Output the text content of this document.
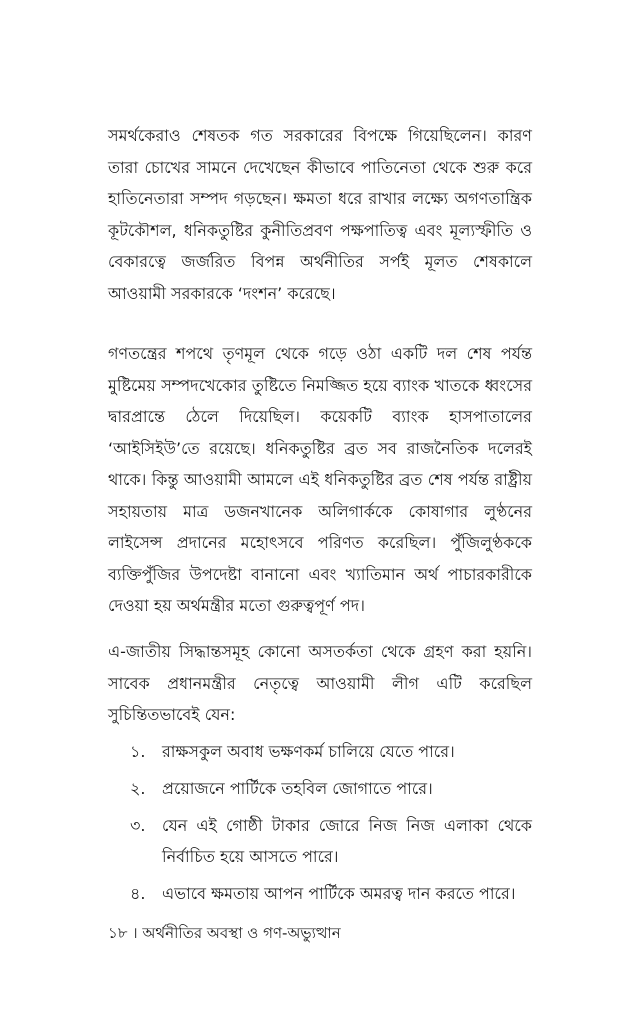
সমর্থকেরাও শেষতক গত সরকারের বিপক্ষে গিয়েছিলেন। কারণ তারা চোখের সামনে দেখেছেন কীভাবে পাতিনেতা থেকে শুরু করে হাতিনেতারা সম্পদ গড়ছেন। ক্ষমতা ধরে রাখার লক্ষ্যে অগণতান্ত্রিক কূটকৌশল, ধনিকতুষ্টির কুনীতিপ্রবণ পক্ষপাতিত্ব এবং মূল্যস্ফীতি ও বেকারত্বে জর্জরিত বিপন্ন অর্থনীতির সর্পই মূলত শেষকালে আওয়ামী সরকারকে ‘দংশন’ করেছে।

গণতন্ত্রের শপথে তৃণমূল থেকে গড়ে ওঠা একটি দল শেষ পর্যন্ত মুষ্টিমেয় সম্পদখেকোর তুষ্টিতে নিমজ্জিত হয়ে ব্যাংক খাতকে ধ্বংসের দ্বারপ্রান্তে ঠেলে দিয়েছিল। কয়েকটি ব্যাংক হাসপাতালের ‘আইসিইউ’তে রয়েছে। ধনিকতুষ্টির ব্রত সব রাজনৈতিক দলেরই থাকে। কিন্তু আওয়ামী আমলে এই ধনিকতুষ্টির ব্রত শেষ পর্যন্ত রাষ্ট্রীয় সহায়তায় মাত্র ডজনখানেক অলিগার্ককে কোষাগার লুণ্ঠনের লাইসেন্স প্রদানের মহোৎসবে পরিণত করেছিল। পুঁজিলুণ্ঠককে ব্যক্তিপুঁজির উপদেষ্টা বানানো এবং খ্যাতিমান অর্থ পাচারকারীকে দেওয়া হয় অর্থমন্ত্রীর মতো গুরুত্বপূর্ণ পদ।

এ-জাতীয় সিদ্ধান্তসমূহ কোনো অসতর্কতা থেকে গ্রহণ করা হয়নি। সাবেক প্রধানমন্ত্রীর নেতৃত্বে আওয়ামী লীগ এটি করেছিল সুচিন্তিতভাবেই যেন:

১.	রাক্ষসকুল অবাধ ভক্ষণকর্ম চালিয়ে যেতে পারে।
২.	প্রয়োজনে পার্টিকে তহবিল জোগাতে পারে।
৩.	যেন এই গোষ্ঠী টাকার জোরে নিজ নিজ এলাকা থেকে নির্বাচিত হয়ে আসতে পারে।
৪.	এভাবে ক্ষমতায় আপন পার্টিকে অমরত্ব দান করতে পারে।
১৮ । অর্থনীতির অবস্থা ও গণ-অভ্যুত্থান
